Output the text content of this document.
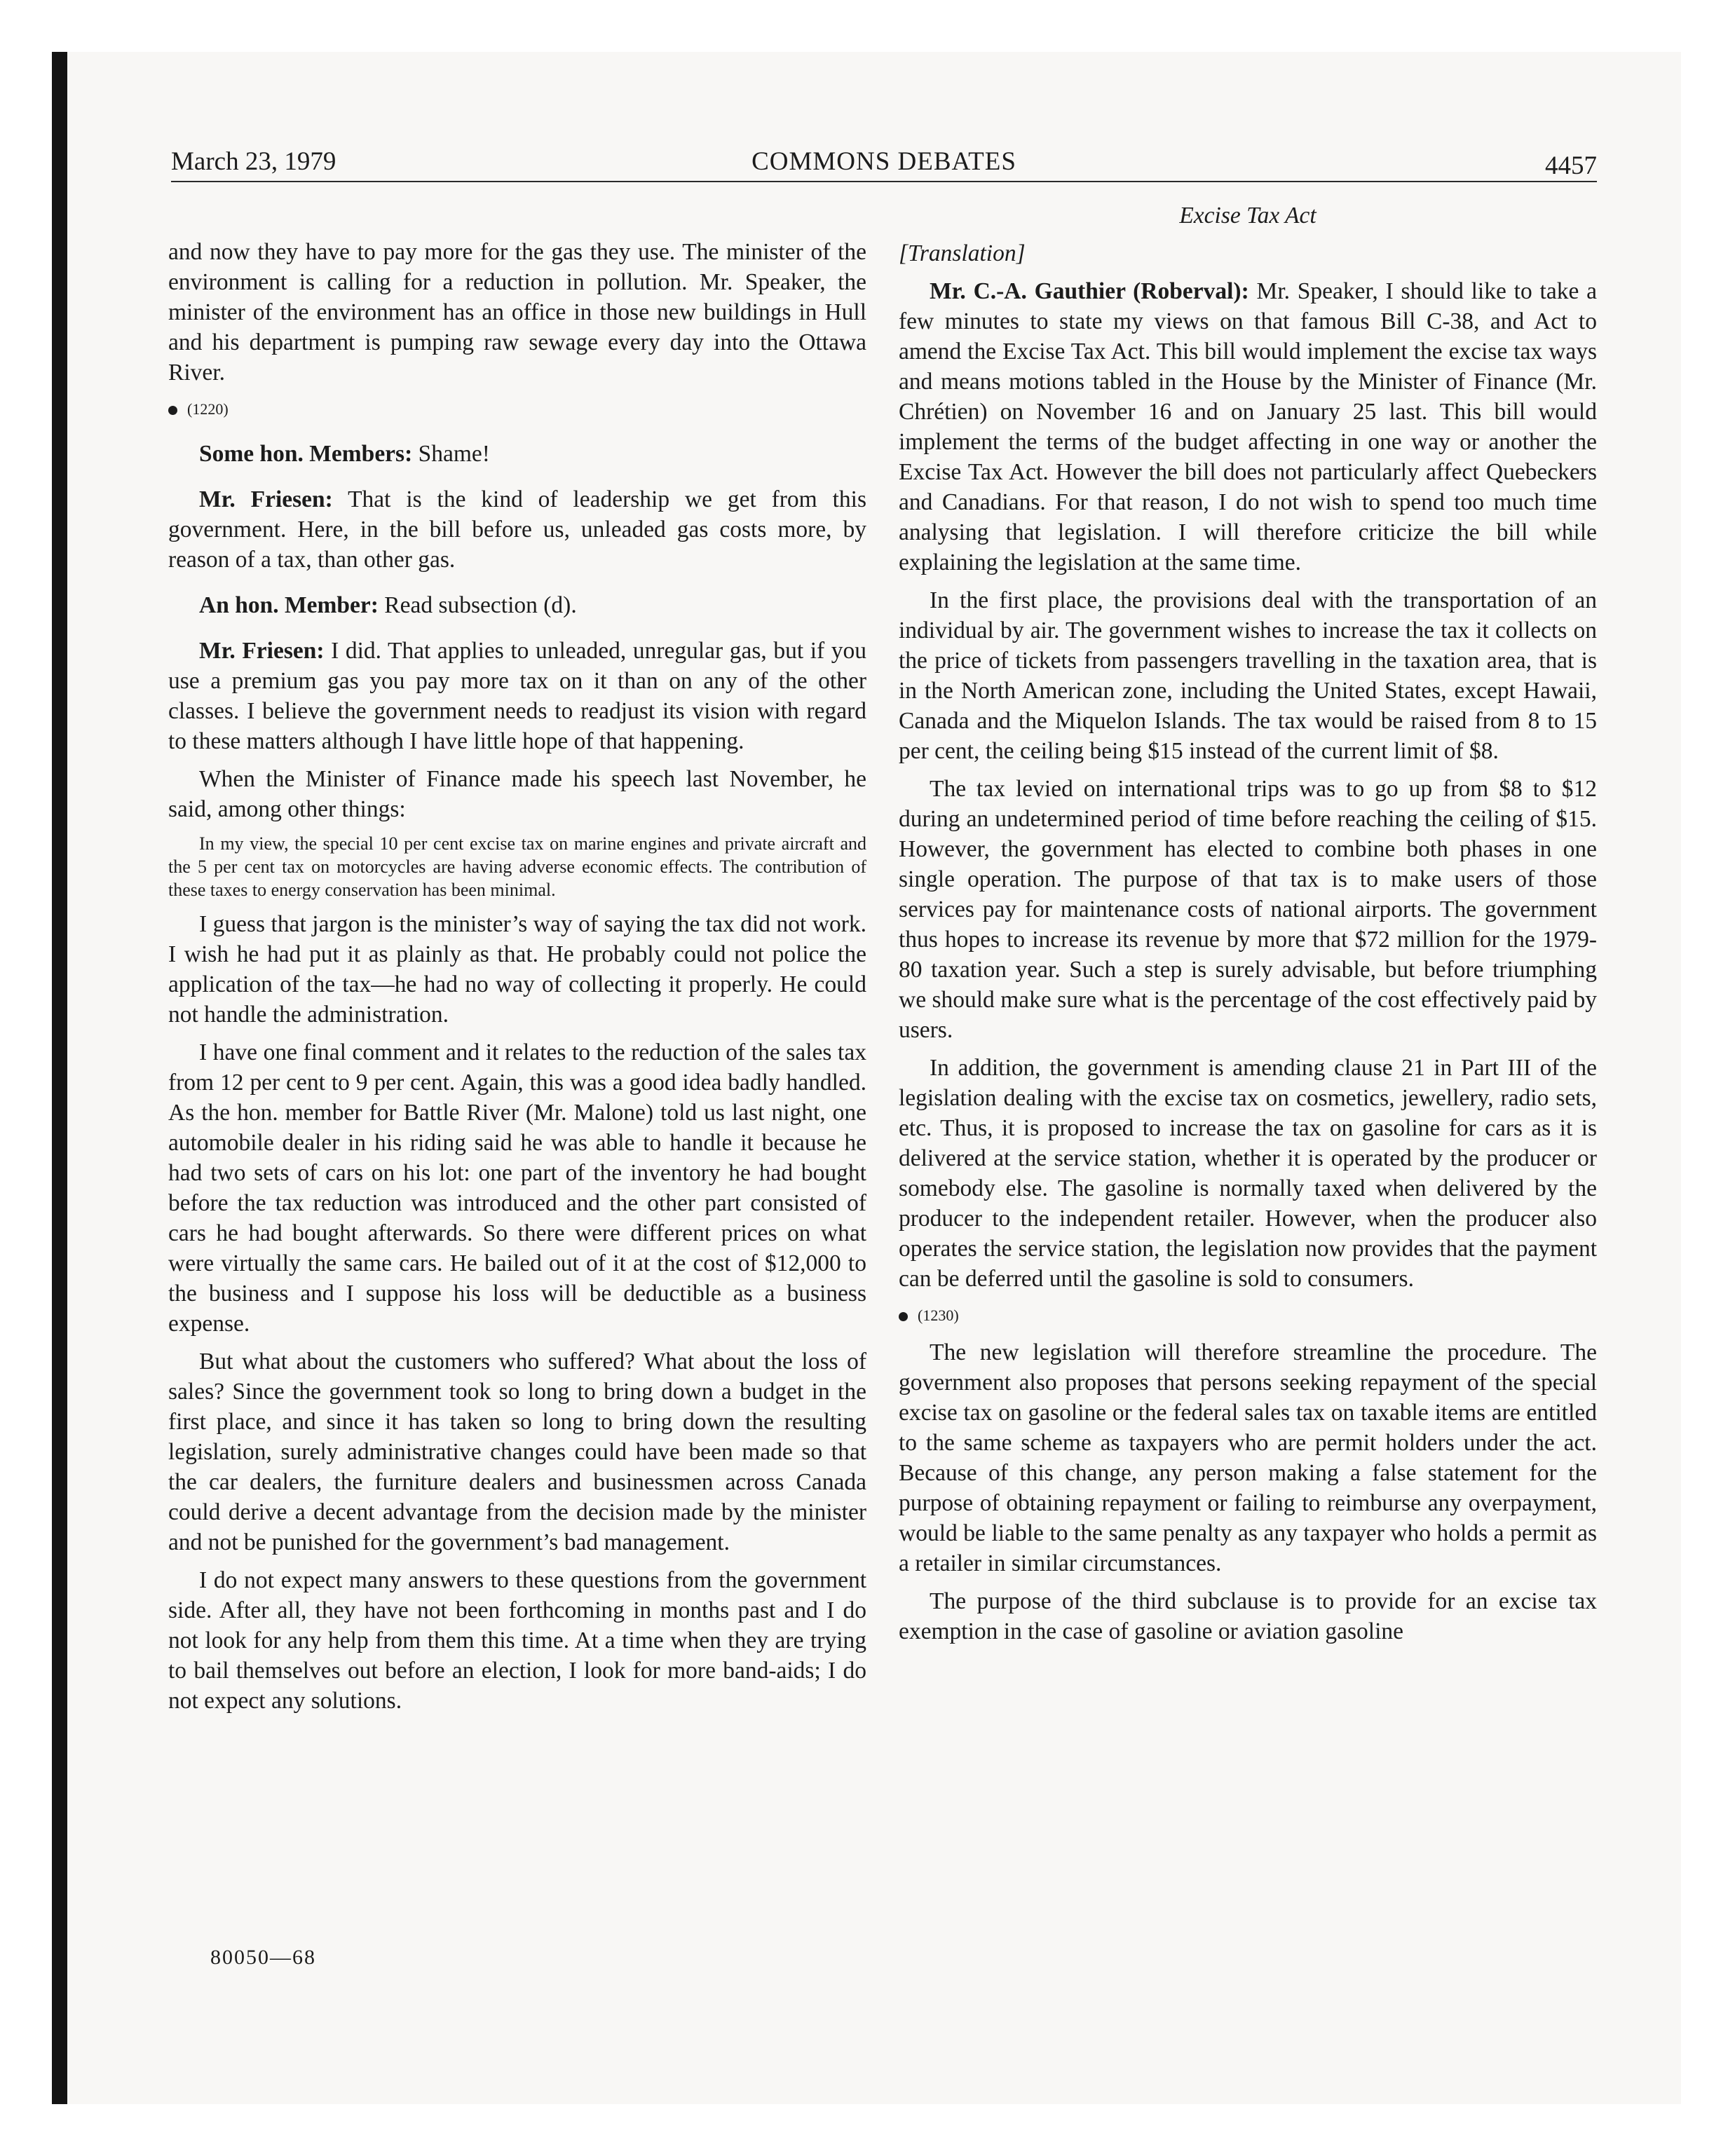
March 23, 1979	COMMONS DEBATES	4457

and now they have to pay more for the gas they use. The minister of the environment is calling for a reduction in pollution. Mr. Speaker, the minister of the environment has an office in those new buildings in Hull and his department is pumping raw sewage every day into the Ottawa River.

(1220)

Some hon. Members: Shame!

Mr. Friesen: That is the kind of leadership we get from this government. Here, in the bill before us, unleaded gas costs more, by reason of a tax, than other gas.

An hon. Member: Read subsection (d).

Mr. Friesen: I did. That applies to unleaded, unregular gas, but if you use a premium gas you pay more tax on it than on any of the other classes. I believe the government needs to readjust its vision with regard to these matters although I have little hope of that happening.

When the Minister of Finance made his speech last November, he said, among other things:

In my view, the special 10 per cent excise tax on marine engines and private aircraft and the 5 per cent tax on motorcycles are having adverse economic effects. The contribution of these taxes to energy conservation has been minimal.

I guess that jargon is the minister’s way of saying the tax did not work. I wish he had put it as plainly as that. He probably could not police the application of the tax—he had no way of collecting it properly. He could not handle the administration.

I have one final comment and it relates to the reduction of the sales tax from 12 per cent to 9 per cent. Again, this was a good idea badly handled. As the hon. member for Battle River (Mr. Malone) told us last night, one automobile dealer in his riding said he was able to handle it because he had two sets of cars on his lot: one part of the inventory he had bought before the tax reduction was introduced and the other part consisted of cars he had bought afterwards. So there were different prices on what were virtually the same cars. He bailed out of it at the cost of $12,000 to the business and I suppose his loss will be deductible as a business expense.

But what about the customers who suffered? What about the loss of sales? Since the government took so long to bring down a budget in the first place, and since it has taken so long to bring down the resulting legislation, surely administrative changes could have been made so that the car dealers, the furniture dealers and businessmen across Canada could derive a decent advantage from the decision made by the minister and not be punished for the government’s bad management.

I do not expect many answers to these questions from the government side. After all, they have not been forthcoming in months past and I do not look for any help from them this time. At a time when they are trying to bail themselves out before an election, I look for more band-aids; I do not expect any solutions.

Excise Tax Act

[Translation]

Mr. C.-A. Gauthier (Roberval): Mr. Speaker, I should like to take a few minutes to state my views on that famous Bill C-38, and Act to amend the Excise Tax Act. This bill would implement the excise tax ways and means motions tabled in the House by the Minister of Finance (Mr. Chrétien) on November 16 and on January 25 last. This bill would implement the terms of the budget affecting in one way or another the Excise Tax Act. However the bill does not particularly affect Quebeckers and Canadians. For that reason, I do not wish to spend too much time analysing that legislation. I will therefore criticize the bill while explaining the legislation at the same time.

In the first place, the provisions deal with the transportation of an individual by air. The government wishes to increase the tax it collects on the price of tickets from passengers travelling in the taxation area, that is in the North American zone, including the United States, except Hawaii, Canada and the Miquelon Islands. The tax would be raised from 8 to 15 per cent, the ceiling being $15 instead of the current limit of $8.

The tax levied on international trips was to go up from $8 to $12 during an undetermined period of time before reaching the ceiling of $15. However, the government has elected to combine both phases in one single operation. The purpose of that tax is to make users of those services pay for maintenance costs of national airports. The government thus hopes to increase its revenue by more that $72 million for the 1979-80 taxation year. Such a step is surely advisable, but before triumphing we should make sure what is the percentage of the cost effectively paid by users.

In addition, the government is amending clause 21 in Part III of the legislation dealing with the excise tax on cosmetics, jewellery, radio sets, etc. Thus, it is proposed to increase the tax on gasoline for cars as it is delivered at the service station, whether it is operated by the producer or somebody else. The gasoline is normally taxed when delivered by the producer to the independent retailer. However, when the producer also operates the service station, the legislation now provides that the payment can be deferred until the gasoline is sold to consumers.

(1230)

The new legislation will therefore streamline the procedure. The government also proposes that persons seeking repayment of the special excise tax on gasoline or the federal sales tax on taxable items are entitled to the same scheme as taxpayers who are permit holders under the act. Because of this change, any person making a false statement for the purpose of obtaining repayment or failing to reimburse any overpayment, would be liable to the same penalty as any taxpayer who holds a permit as a retailer in similar circumstances.

The purpose of the third subclause is to provide for an excise tax exemption in the case of gasoline or aviation gasoline

80050—68
